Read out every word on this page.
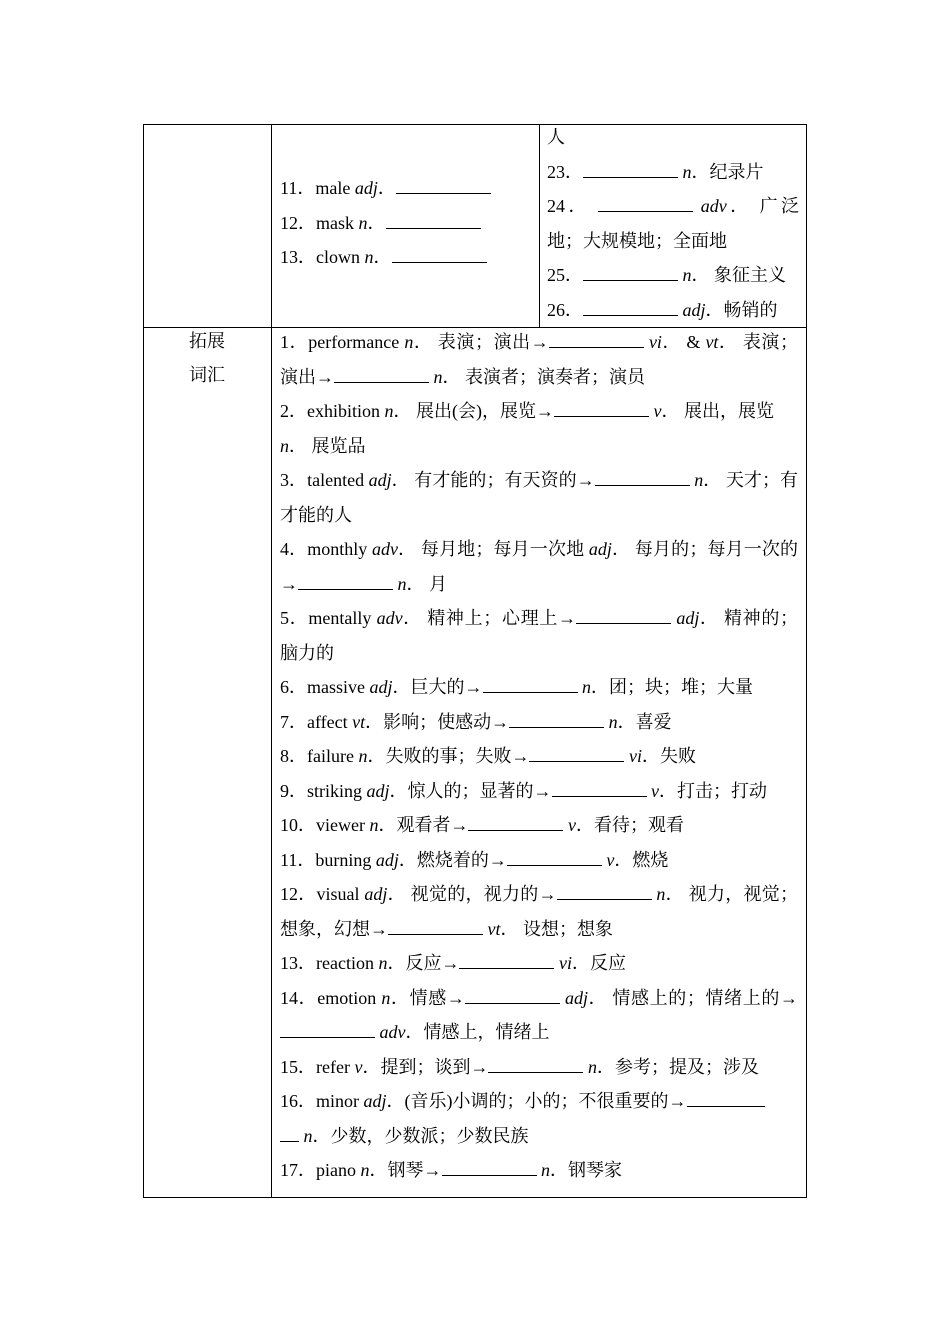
11．male adj．
12．mask n．
13．clown n．
人
23．	n．纪录片
24．	adv． 广泛地；大规模地；全面地
25．	n． 象征主义
26．	adj．畅销的
拓展
词汇
1．performance n． 表演；演出→	vi． & vt． 表演；演出→	n． 表演者；演奏者；演员
2．exhibition n． 展出(会)，展览→	v． 展出，展览
n． 展览品
3．talented adj． 有才能的；有天资的→	n． 天才；有才能的人
4．monthly adv． 每月地；每月一次地 adj． 每月的；每月一次的→	n． 月
5．mentally adv． 精神上；心理上→	adj． 精神的；脑力的
6．massive adj．巨大的→	n．团；块；堆；大量
7．affect vt．影响；使感动→	n．喜爱
8．failure n．失败的事；失败→	vi．失败
9．striking adj．惊人的；显著的→	v．打击；打动
10．viewer n．观看者→	v．看待；观看
11．burning adj．燃烧着的→	v．燃烧
12．visual adj． 视觉的，视力的→	n． 视力，视觉；想象，幻想→	vt． 设想；想象
13．reaction n．反应→	vi．反应
14．emotion n．情感→	adj． 情感上的；情绪上的→ adv．情感上，情绪上
15．refer v．提到；谈到→	n．参考；提及；涉及
16．minor adj．(音乐)小调的；小的；不很重要的→
n．少数，少数派；少数民族
17．piano n．钢琴→	n．钢琴家
